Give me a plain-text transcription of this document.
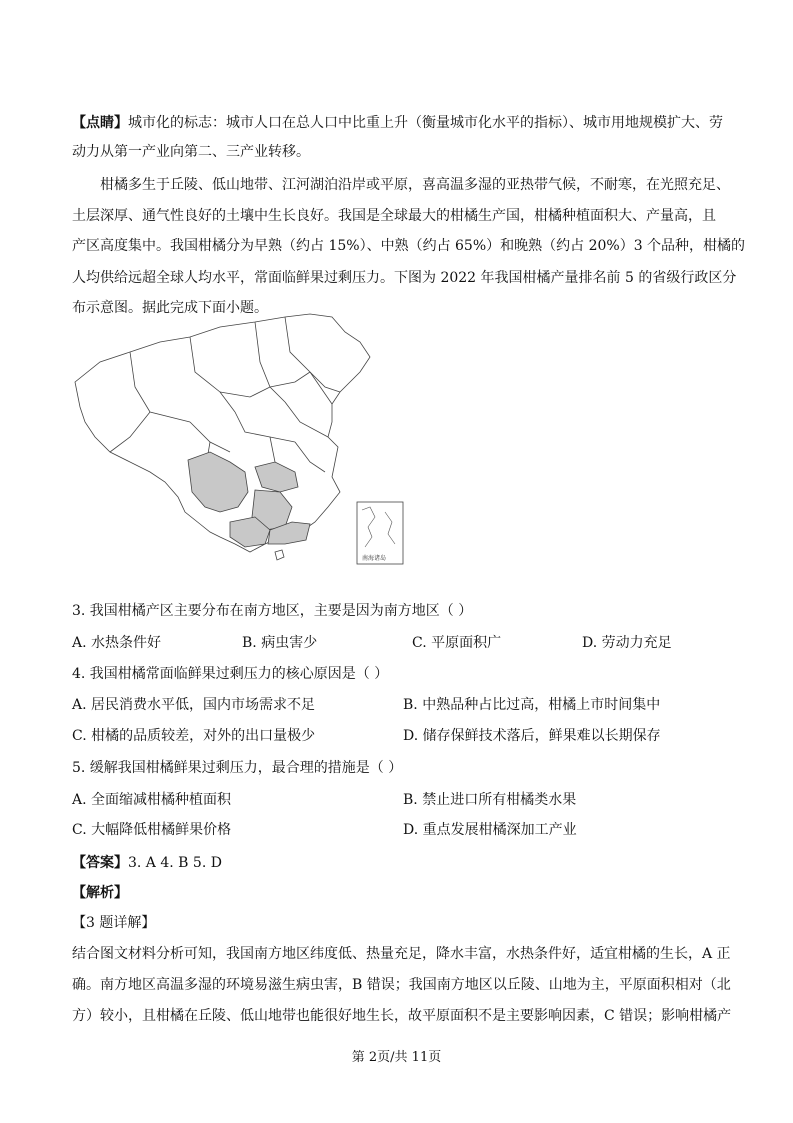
【点睛】城市化的标志：城市人口在总人口中比重上升（衡量城市化水平的指标）、城市用地规模扩大、劳
动力从第一产业向第二、三产业转移。
柑橘多生于丘陵、低山地带、江河湖泊沿岸或平原，喜高温多湿的亚热带气候，不耐寒，在光照充足、
土层深厚、通气性良好的土壤中生长良好。我国是全球最大的柑橘生产国，柑橘种植面积大、产量高，且
产区高度集中。我国柑橘分为早熟（约占 15%）、中熟（约占 65%）和晚熟（约占 20%）3 个品种，柑橘的
人均供给远超全球人均水平，常面临鲜果过剩压力。下图为 2022 年我国柑橘产量排名前 5 的省级行政区分
布示意图。据此完成下面小题。
南海诸岛
3. 我国柑橘产区主要分布在南方地区，主要是因为南方地区（ ）
A. 水热条件好	B. 病虫害少	C. 平原面积广	D. 劳动力充足
4. 我国柑橘常面临鲜果过剩压力的核心原因是（ ）
A. 居民消费水平低，国内市场需求不足	B. 中熟品种占比过高，柑橘上市时间集中
C. 柑橘的品质较差，对外的出口量极少	D. 储存保鲜技术落后，鲜果难以长期保存
5. 缓解我国柑橘鲜果过剩压力，最合理的措施是（ ）
A. 全面缩减柑橘种植面积	B. 禁止进口所有柑橘类水果
C. 大幅降低柑橘鲜果价格	D. 重点发展柑橘深加工产业
【答案】3. A 4. B 5. D
【解析】
【3 题详解】
结合图文材料分析可知，我国南方地区纬度低、热量充足，降水丰富，水热条件好，适宜柑橘的生长，A 正
确。南方地区高温多湿的环境易滋生病虫害，B 错误；我国南方地区以丘陵、山地为主，平原面积相对（北
方）较小，且柑橘在丘陵、低山地带也能很好地生长，故平原面积不是主要影响因素，C 错误；影响柑橘产
第 2页/共 11页
